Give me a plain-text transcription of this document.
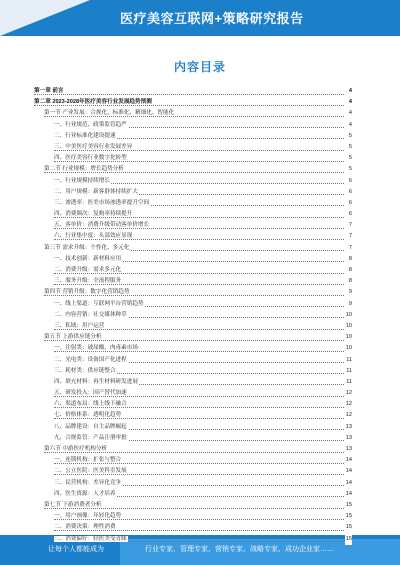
医疗美容互联网+策略研究报告
内容目录
第一章 前言	4
第二章 2023-2028年医疗美容行业发展趋势预测	4
第一节 产业发展：合规化、标准化、精细化、智能化	4
一、行业规范，政策监管趋严	4
二、行业标准化建设提速	5
三、中美医疗美容行业发展差异	5
四、医疗美容行业数字化转型	5
第二节 行业规模：增长趋势分析	5
一、行业规模持续增长	6
二、用户规模：新客群体持续扩大	6
三、渗透率：医美市场渗透率提升空间	6
四、消费频次：复购率持续提升	6
五、客单价：消费升级带动客单价增长	7
六、行业集中度：头部效应显现	7
第三节 需求升级：个性化、多元化	7
一、技术创新：新材料应用	8
二、消费升级：需求多元化	8
三、服务升级：全流程服务	8
第四节 营销升级：数字化营销趋势	9
一、线上渠道：互联网平台营销趋势	9
二、内容营销：社交媒体种草	10
三、私域：用户运营	10
第五节 上游供应链分析	10
一、注射类：玻尿酸、肉毒素市场	10
二、光电类：设备国产化进程	11
三、耗材类：供应链整合	11
四、填充材料：再生材料研发进展	11
五、研发投入：国产替代加速	12
六、渠道布局：线上线下融合	12
七、价格体系：透明化趋势	12
八、品牌建设：自主品牌崛起	13
九、合规监管：产品注册审批	13
第六节 中游医疗机构分析	13
一、连锁机构：扩张与整合	14
二、公立医院：医美科室发展	14
三、民营机构：差异化竞争	14
四、医生资源：人才培养	14
第七节 下游消费者分析	15
一、用户画像：年轻化趋势	15
二、消费决策：理性消费	15
三、消费偏好：轻医美受青睐	15
让每个人都能成为	行业专家、管理专家、营销专家、战略专家、成功企业家……
